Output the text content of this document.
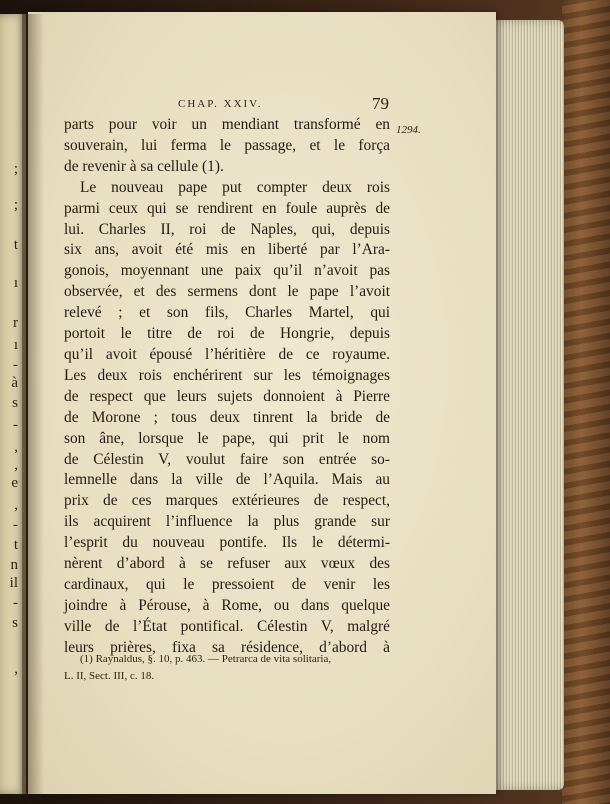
;
;
t
ı
r
ı
-
à
s
-
,
,
e
,
-
t
n
il
-
s
,
CHAP. XXIV.	79
1294.
parts pour voir un mendiant transformé en
souverain, lui ferma le passage, et le força
de revenir à sa cellule (1).
Le nouveau pape put compter deux rois
parmi ceux qui se rendirent en foule auprès de
lui. Charles II, roi de Naples, qui, depuis
six ans, avoit été mis en liberté par l’Ara-
gonois, moyennant une paix qu’il n’avoit pas
observée, et des sermens dont le pape l’avoit
relevé ; et son fils, Charles Martel, qui
portoit le titre de roi de Hongrie, depuis
qu’il avoit épousé l’héritière de ce royaume.
Les deux rois enchérirent sur les témoignages
de respect que leurs sujets donnoient à Pierre
de Morone ; tous deux tinrent la bride de
son âne, lorsque le pape, qui prit le nom
de Célestin V, voulut faire son entrée so-
lemnelle dans la ville de l’Aquila. Mais au
prix de ces marques extérieures de respect,
ils acquirent l’influence la plus grande sur
l’esprit du nouveau pontife. Ils le détermi-
nèrent d’abord à se refuser aux vœux des
cardinaux, qui le pressoient de venir les
joindre à Pérouse, à Rome, ou dans quelque
ville de l’État pontifical. Célestin V, malgré
leurs prières, fixa sa résidence, d’abord à
(1) Raynaldus, §. 10, p. 463. — Petrarca de vita solitaria,
L. II, Sect. III, c. 18.
